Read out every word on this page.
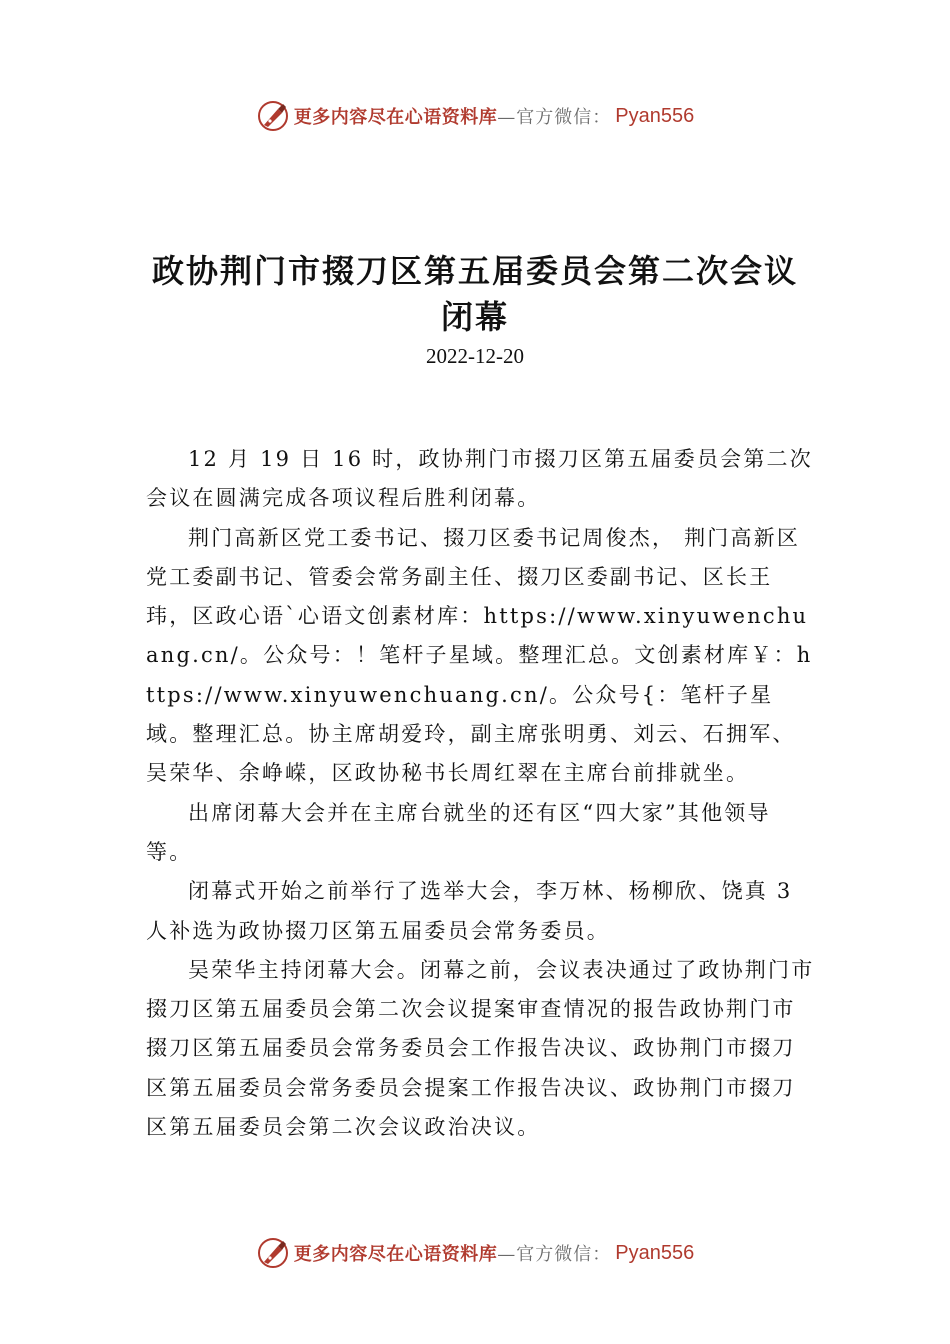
更多内容尽在心语资料库 —官方微信： Pyan556
政协荆门市掇刀区第五届委员会第二次会议闭幕
2022-12-20

12 月 19 日 16 时，政协荆门市掇刀区第五届委员会第二次会议在圆满完成各项议程后胜利闭幕。

荆门高新区党工委书记、掇刀区委书记周俊杰， 荆门高新区党工委副书记、管委会常务副主任、掇刀区委副书记、区长王玮，区政心语`心语文创素材库：https://www.xinyuwenchuang.cn/。公众号：！笔杆子星域。整理汇总。文创素材库￥：https://www.xinyuwenchuang.cn/。公众号{：笔杆子星域。整理汇总。协主席胡爱玲，副主席张明勇、刘云、石拥军、吴荣华、余峥嵘，区政协秘书长周红翠在主席台前排就坐。

出席闭幕大会并在主席台就坐的还有区“四大家”其他领导等。

闭幕式开始之前举行了选举大会，李万林、杨柳欣、饶真 3 人补选为政协掇刀区第五届委员会常务委员。

吴荣华主持闭幕大会。闭幕之前，会议表决通过了政协荆门市掇刀区第五届委员会第二次会议提案审查情况的报告政协荆门市掇刀区第五届委员会常务委员会工作报告决议、政协荆门市掇刀区第五届委员会常务委员会提案工作报告决议、政协荆门市掇刀区第五届委员会第二次会议政治决议。

更多内容尽在心语资料库 —官方微信： Pyan556
